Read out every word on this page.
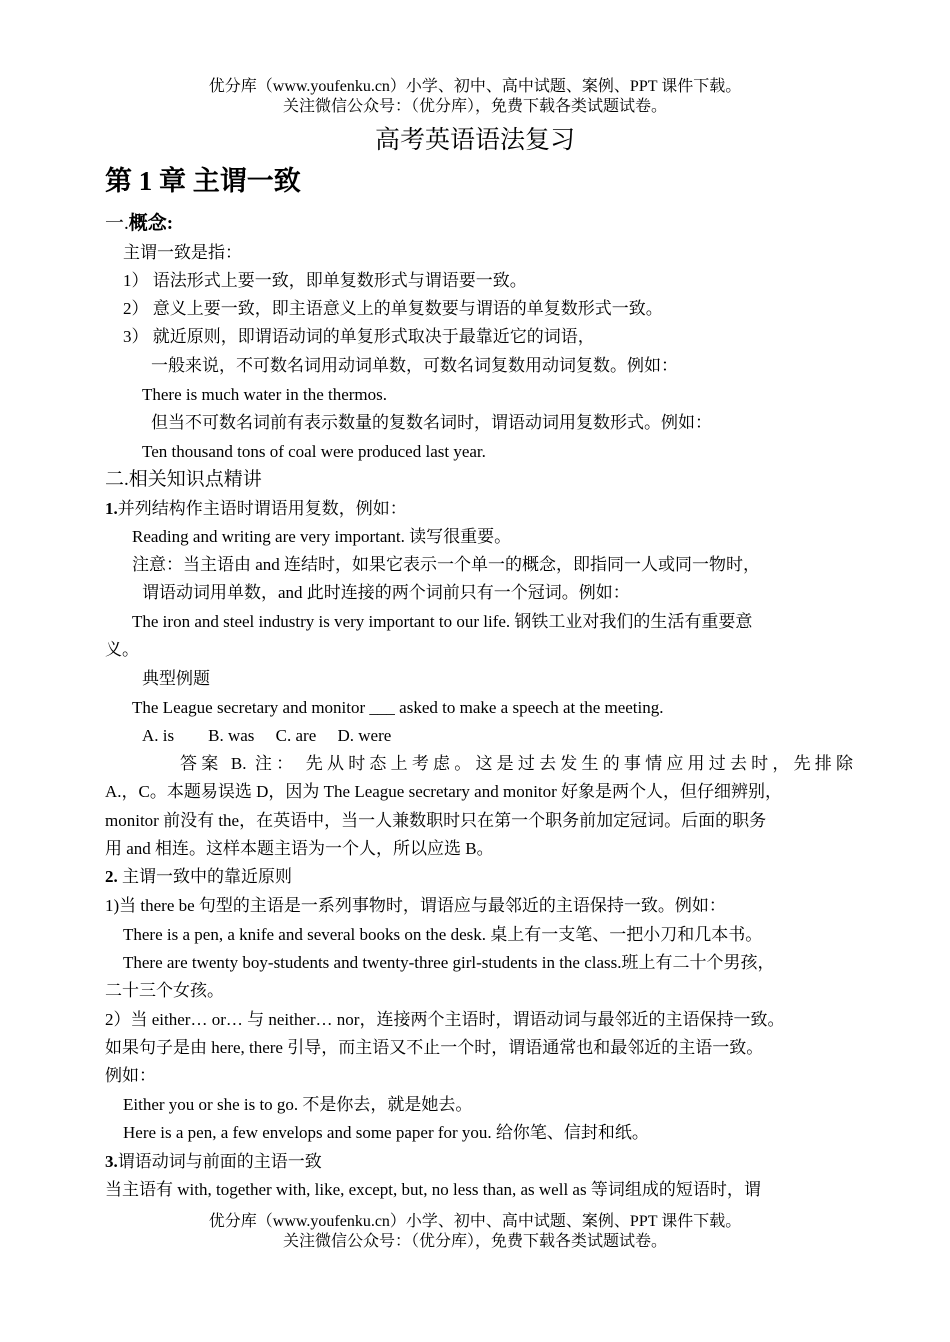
优分库（www.youfenku.cn）小学、初中、高中试题、案例、PPT 课件下载。
关注微信公众号：（优分库），免费下载各类试题试卷。
高考英语语法复习
第 1 章 主谓一致
一.概念:
主谓一致是指：
1） 语法形式上要一致，即单复数形式与谓语要一致。
2） 意义上要一致，即主语意义上的单复数要与谓语的单复数形式一致。
3） 就近原则，即谓语动词的单复形式取决于最靠近它的词语，
一般来说，不可数名词用动词单数，可数名词复数用动词复数。例如：
There is much water in the thermos.
但当不可数名词前有表示数量的复数名词时，谓语动词用复数形式。例如：
Ten thousand tons of coal were produced last year.
二.相关知识点精讲
1.并列结构作主语时谓语用复数，例如：
Reading and writing are very important. 读写很重要。
注意：当主语由 and 连结时，如果它表示一个单一的概念，即指同一人或同一物时，
谓语动词用单数，and 此时连接的两个词前只有一个冠词。例如：
The iron and steel industry is very important to our life. 钢铁工业对我们的生活有重要意
义。
典型例题
The League secretary and monitor ___ asked to make a speech at the meeting.
A. is        B. was     C. are     D. were
答案 B. 注： 先从时态上考虑。这是过去发生的事情应用过去时，先排除
A.，C。本题易误选 D，因为 The League secretary and monitor 好象是两个人，但仔细辨别，
monitor 前没有 the，在英语中，当一人兼数职时只在第一个职务前加定冠词。后面的职务
用 and 相连。这样本题主语为一个人，所以应选 B。
2. 主谓一致中的靠近原则
1)当 there be 句型的主语是一系列事物时，谓语应与最邻近的主语保持一致。例如：
There is a pen, a knife and several books on the desk. 桌上有一支笔、一把小刀和几本书。
There are twenty boy-students and twenty-three girl-students in the class.班上有二十个男孩，
二十三个女孩。
2）当 either… or… 与 neither… nor，连接两个主语时，谓语动词与最邻近的主语保持一致。
如果句子是由 here, there 引导，而主语又不止一个时，谓语通常也和最邻近的主语一致。
例如：
Either you or she is to go. 不是你去，就是她去。
Here is a pen, a few envelops and some paper for you. 给你笔、信封和纸。
3.谓语动词与前面的主语一致
当主语有 with, together with, like, except, but, no less than, as well as 等词组成的短语时，谓
优分库（www.youfenku.cn）小学、初中、高中试题、案例、PPT 课件下载。
关注微信公众号：（优分库），免费下载各类试题试卷。
